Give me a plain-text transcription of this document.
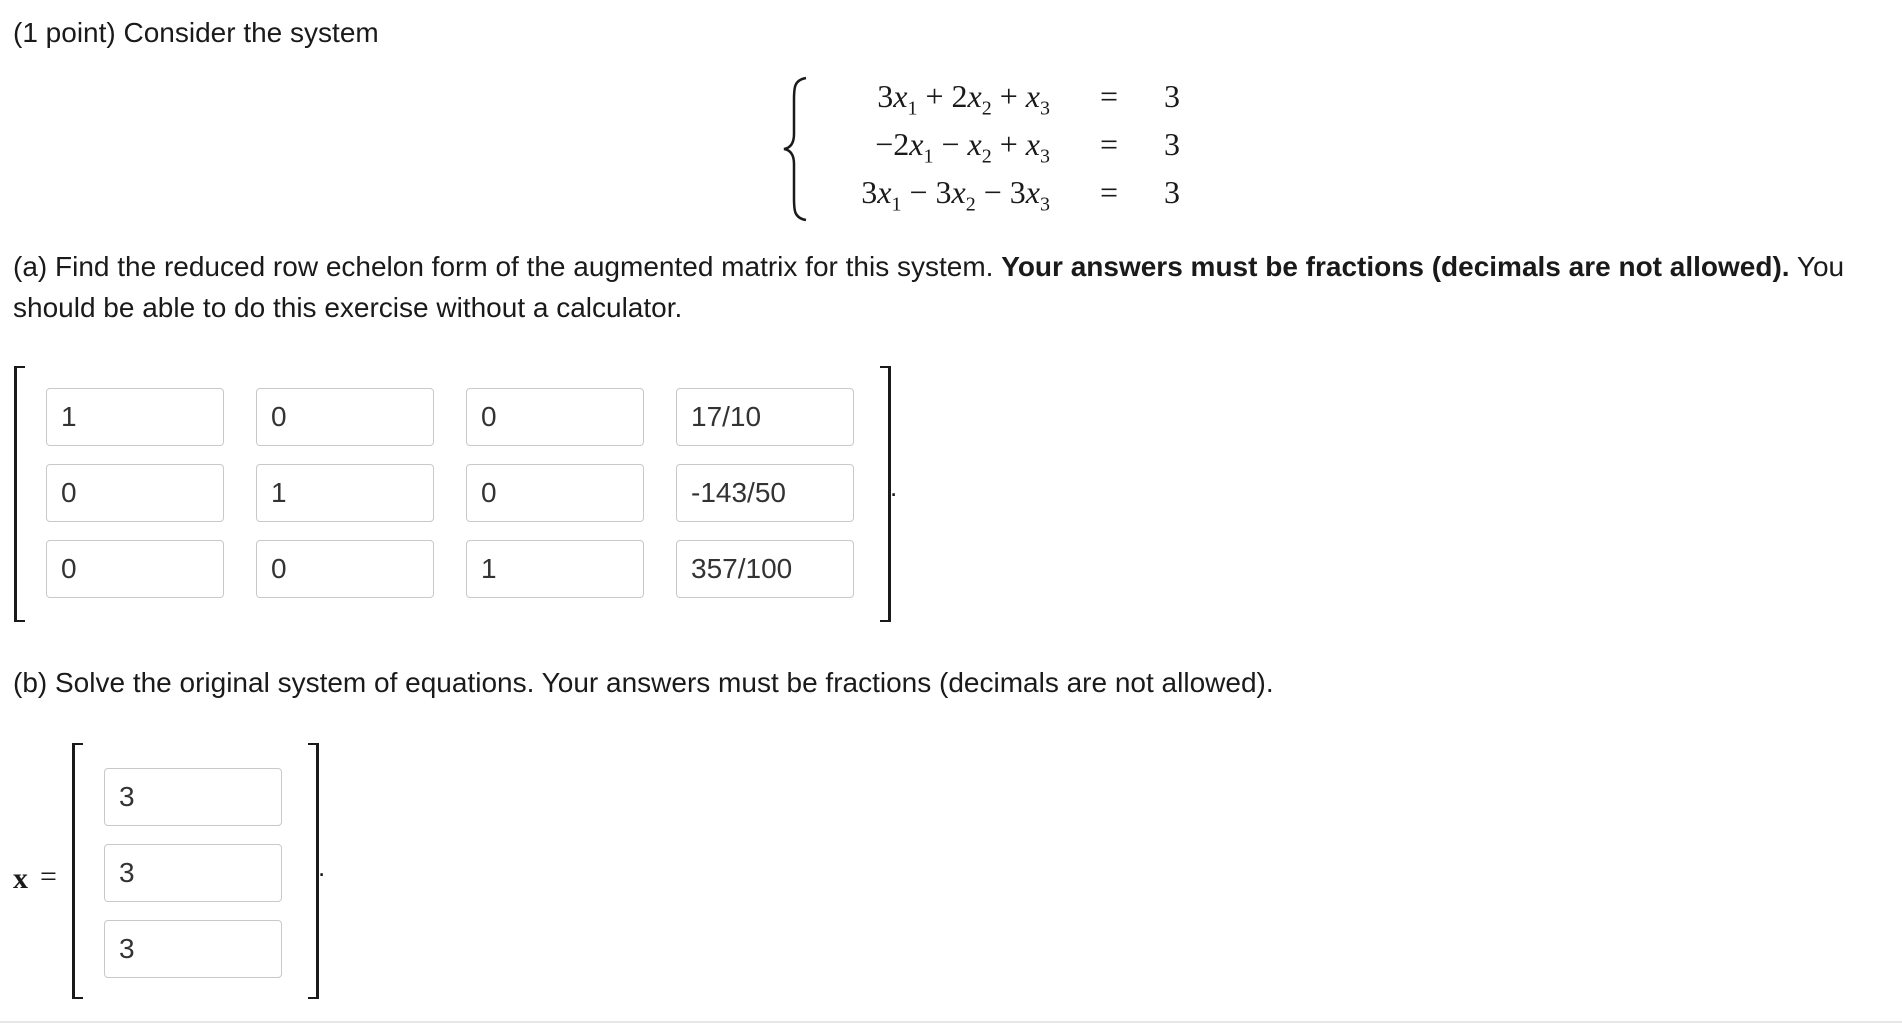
(1 point) Consider the system
$3x_1 + 2x_2 + x_3 = 3$
$-2x_1 - x_2 + x_3 = 3$
$3x_1 - 3x_2 - 3x_3 = 3$
(a) Find the reduced row echelon form of the augmented matrix for this system. Your answers must be fractions (decimals are not allowed). You should be able to do this exercise without a calculator.
1
0
0
17/10
0
1
0
-143/50
0
0
1
357/100
.
(b) Solve the original system of equations. Your answers must be fractions (decimals are not allowed).
x =
3
3
3	.
